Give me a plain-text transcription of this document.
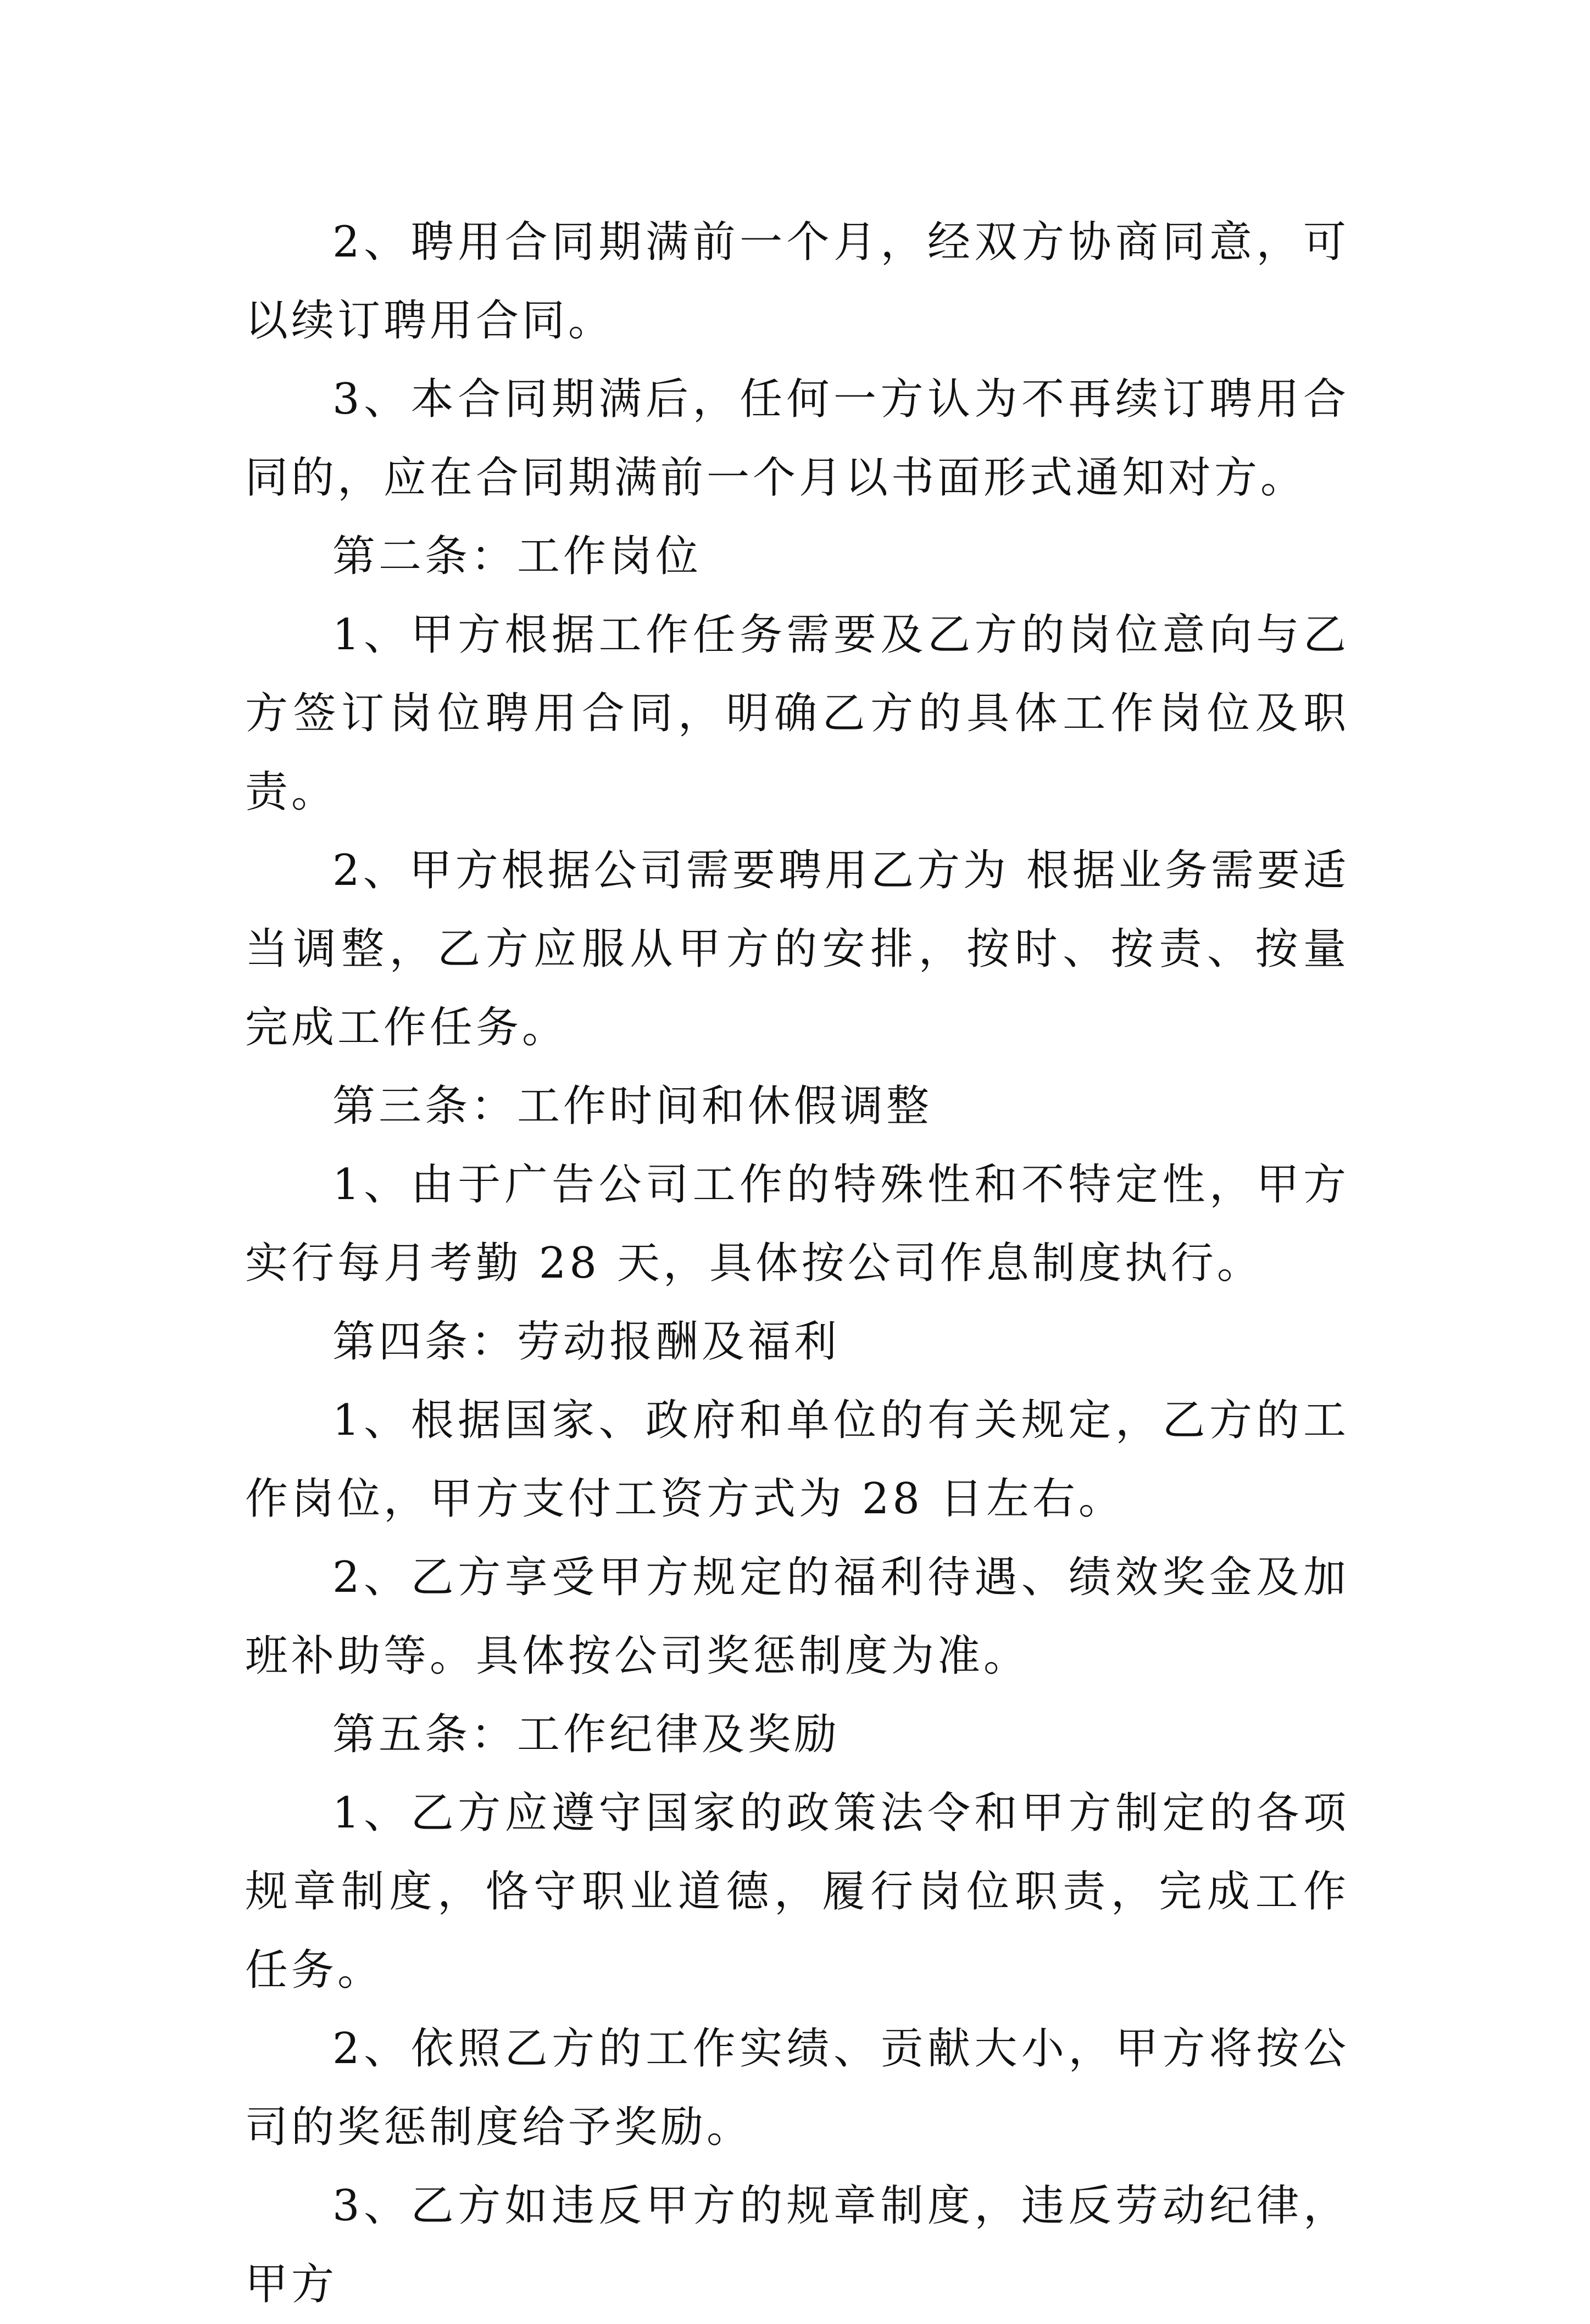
2、聘用合同期满前一个月，经双方协商同意，可以续订聘用合同。

3、本合同期满后，任何一方认为不再续订聘用合同的，应在合同期满前一个月以书面形式通知对方。

第二条：工作岗位

1、甲方根据工作任务需要及乙方的岗位意向与乙方签订岗位聘用合同，明确乙方的具体工作岗位及职责。

2、甲方根据公司需要聘用乙方为 根据业务需要适当调整，乙方应服从甲方的安排，按时、按责、按量完成工作任务。

第三条：工作时间和休假调整

1、由于广告公司工作的特殊性和不特定性，甲方实行每月考勤 28 天，具体按公司作息制度执行。

第四条：劳动报酬及福利

1、根据国家、政府和单位的有关规定，乙方的工作岗位，甲方支付工资方式为 28 日左右。

2、乙方享受甲方规定的福利待遇、绩效奖金及加班补助等。具体按公司奖惩制度为准。

第五条：工作纪律及奖励

1、乙方应遵守国家的政策法令和甲方制定的各项规章制度，恪守职业道德，履行岗位职责，完成工作任务。

2、依照乙方的工作实绩、贡献大小，甲方将按公司的奖惩制度给予奖励。

3、乙方如违反甲方的规章制度，违反劳动纪律，甲方
